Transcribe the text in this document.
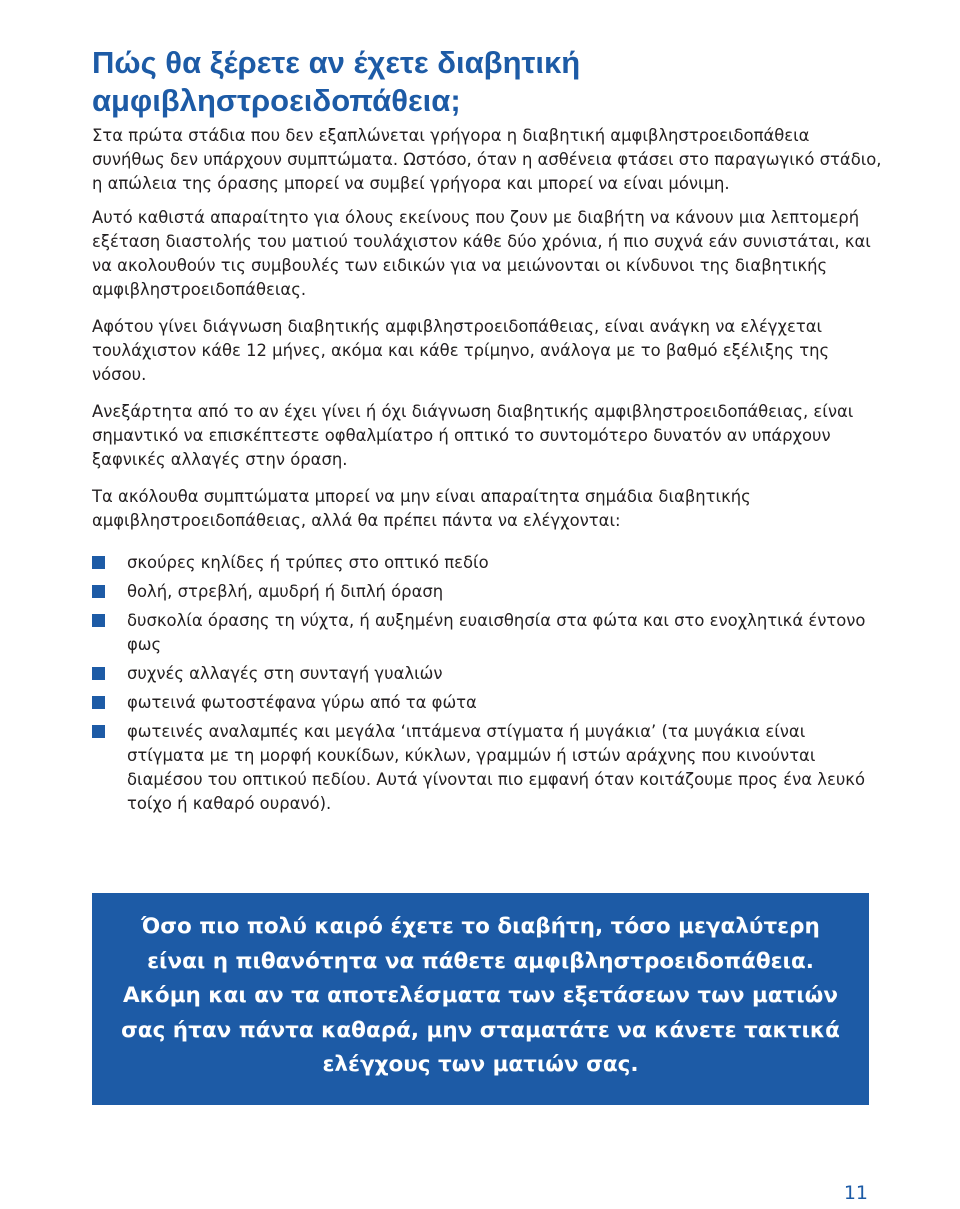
Πώς θα ξέρετε αν έχετε διαβητική αμφιβληστροειδοπάθεια;

Στα πρώτα στάδια που δεν εξαπλώνεται γρήγορα η διαβητική αμφιβληστροειδοπάθεια συνήθως δεν υπάρχουν συμπτώματα. Ωστόσο, όταν η ασθένεια φτάσει στο παραγωγικό στάδιο, η απώλεια της όρασης μπορεί να συμβεί γρήγορα και μπορεί να είναι μόνιμη.

Αυτό καθιστά απαραίτητο για όλους εκείνους που ζουν με διαβήτη να κάνουν μια λεπτομερή εξέταση διαστολής του ματιού τουλάχιστον κάθε δύο χρόνια, ή πιο συχνά εάν συνιστάται, και να ακολουθούν τις συμβουλές των ειδικών για να μειώνονται οι κίνδυνοι της διαβητικής αμφιβληστροειδοπάθειας.

Αφότου γίνει διάγνωση διαβητικής αμφιβληστροειδοπάθειας, είναι ανάγκη να ελέγχεται τουλάχιστον κάθε 12 μήνες, ακόμα και κάθε τρίμηνο, ανάλογα με το βαθμό εξέλιξης της νόσου.

Ανεξάρτητα από το αν έχει γίνει ή όχι διάγνωση διαβητικής αμφιβληστροειδοπάθειας, είναι σημαντικό να επισκέπτεστε οφθαλμίατρο ή οπτικό το συντομότερο δυνατόν αν υπάρχουν ξαφνικές αλλαγές στην όραση.

Τα ακόλουθα συμπτώματα μπορεί να μην είναι απαραίτητα σημάδια διαβητικής αμφιβληστροειδοπάθειας, αλλά θα πρέπει πάντα να ελέγχονται:

σκούρες κηλίδες ή τρύπες στο οπτικό πεδίο
θολή, στρεβλή, αμυδρή ή διπλή όραση
δυσκολία όρασης τη νύχτα, ή αυξημένη ευαισθησία στα φώτα και στο ενοχλητικά έντονο φως
συχνές αλλαγές στη συνταγή γυαλιών
φωτεινά φωτοστέφανα γύρω από τα φώτα
φωτεινές αναλαμπές και μεγάλα ‘ιπτάμενα στίγματα ή μυγάκια’ (τα μυγάκια είναι στίγματα με τη μορφή κουκίδων, κύκλων, γραμμών ή ιστών αράχνης που κινούνται διαμέσου του οπτικού πεδίου. Αυτά γίνονται πιο εμφανή όταν κοιτάζουμε προς ένα λευκό τοίχο ή καθαρό ουρανό).
Όσο πιο πολύ καιρό έχετε το διαβήτη, τόσο μεγαλύτερη είναι η πιθανότητα να πάθετε αμφιβληστροειδοπάθεια. Ακόμη και αν τα αποτελέσματα των εξετάσεων των ματιών σας ήταν πάντα καθαρά, μην σταματάτε να κάνετε τακτικά ελέγχους των ματιών σας.
11
